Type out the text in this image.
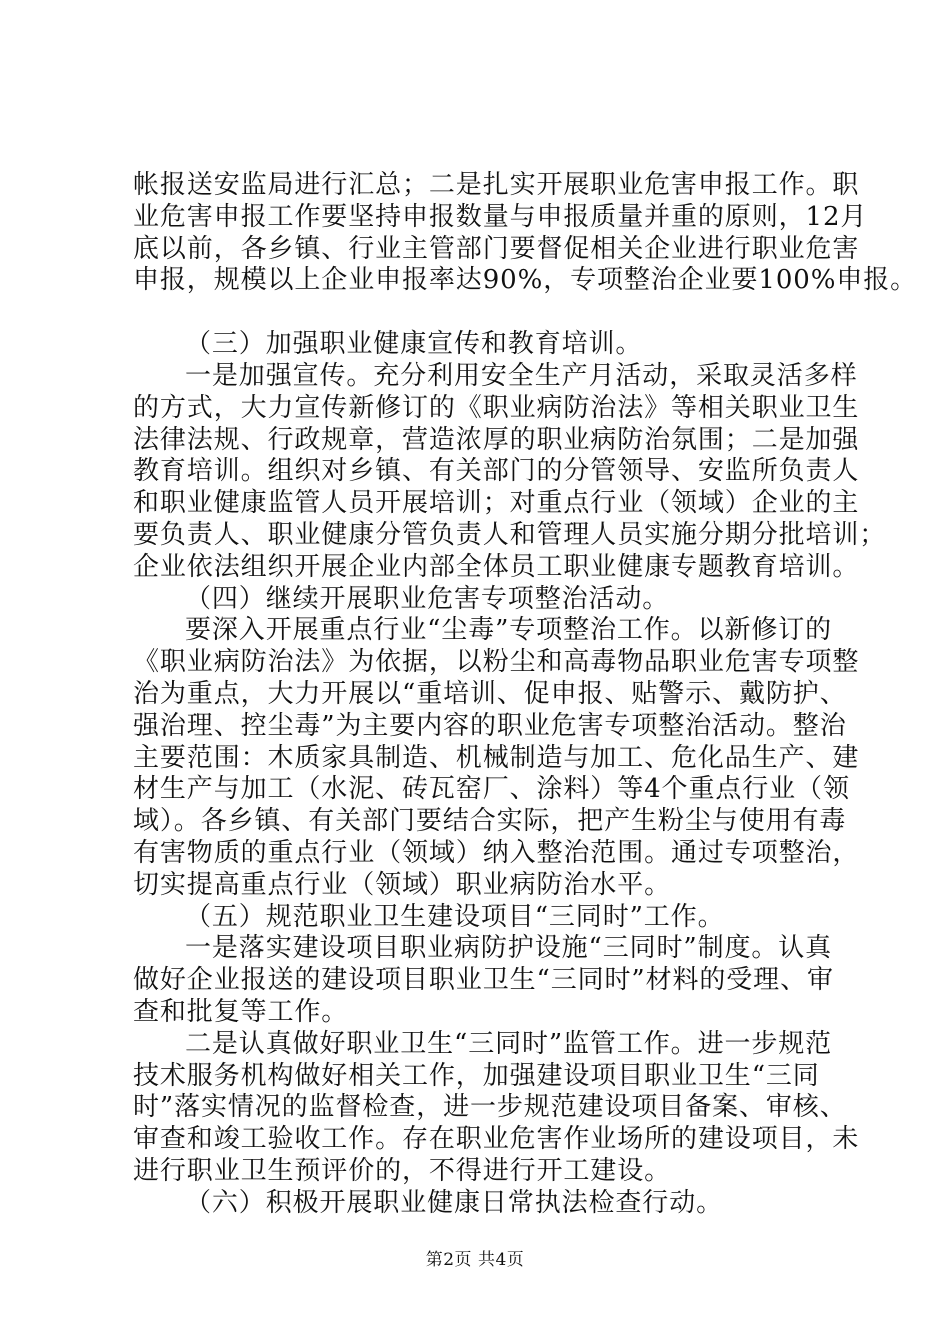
帐报送安监局进行汇总；二是扎实开展职业危害申报工作。职
业危害申报工作要坚持申报数量与申报质量并重的原则，12月
底以前，各乡镇、行业主管部门要督促相关企业进行职业危害
申报，规模以上企业申报率达90%，专项整治企业要100%申报。
（三）加强职业健康宣传和教育培训。
一是加强宣传。充分利用安全生产月活动，采取灵活多样
的方式，大力宣传新修订的《职业病防治法》等相关职业卫生
法律法规、行政规章，营造浓厚的职业病防治氛围；二是加强
教育培训。组织对乡镇、有关部门的分管领导、安监所负责人
和职业健康监管人员开展培训；对重点行业（领域）企业的主
要负责人、职业健康分管负责人和管理人员实施分期分批培训；
企业依法组织开展企业内部全体员工职业健康专题教育培训。
（四）继续开展职业危害专项整治活动。
要深入开展重点行业“尘毒”专项整治工作。以新修订的
《职业病防治法》为依据，以粉尘和高毒物品职业危害专项整
治为重点，大力开展以“重培训、促申报、贴警示、戴防护、
强治理、控尘毒”为主要内容的职业危害专项整治活动。整治
主要范围：木质家具制造、机械制造与加工、危化品生产、建
材生产与加工（水泥、砖瓦窑厂、涂料）等4个重点行业（领
域）。各乡镇、有关部门要结合实际，把产生粉尘与使用有毒
有害物质的重点行业（领域）纳入整治范围。通过专项整治，
切实提高重点行业（领域）职业病防治水平。
（五）规范职业卫生建设项目“三同时”工作。
一是落实建设项目职业病防护设施“三同时”制度。认真
做好企业报送的建设项目职业卫生“三同时”材料的受理、审
查和批复等工作。
二是认真做好职业卫生“三同时”监管工作。进一步规范
技术服务机构做好相关工作，加强建设项目职业卫生“三同
时”落实情况的监督检查，进一步规范建设项目备案、审核、
审查和竣工验收工作。存在职业危害作业场所的建设项目，未
进行职业卫生预评价的，不得进行开工建设。
（六）积极开展职业健康日常执法检查行动。
第2页 共4页
